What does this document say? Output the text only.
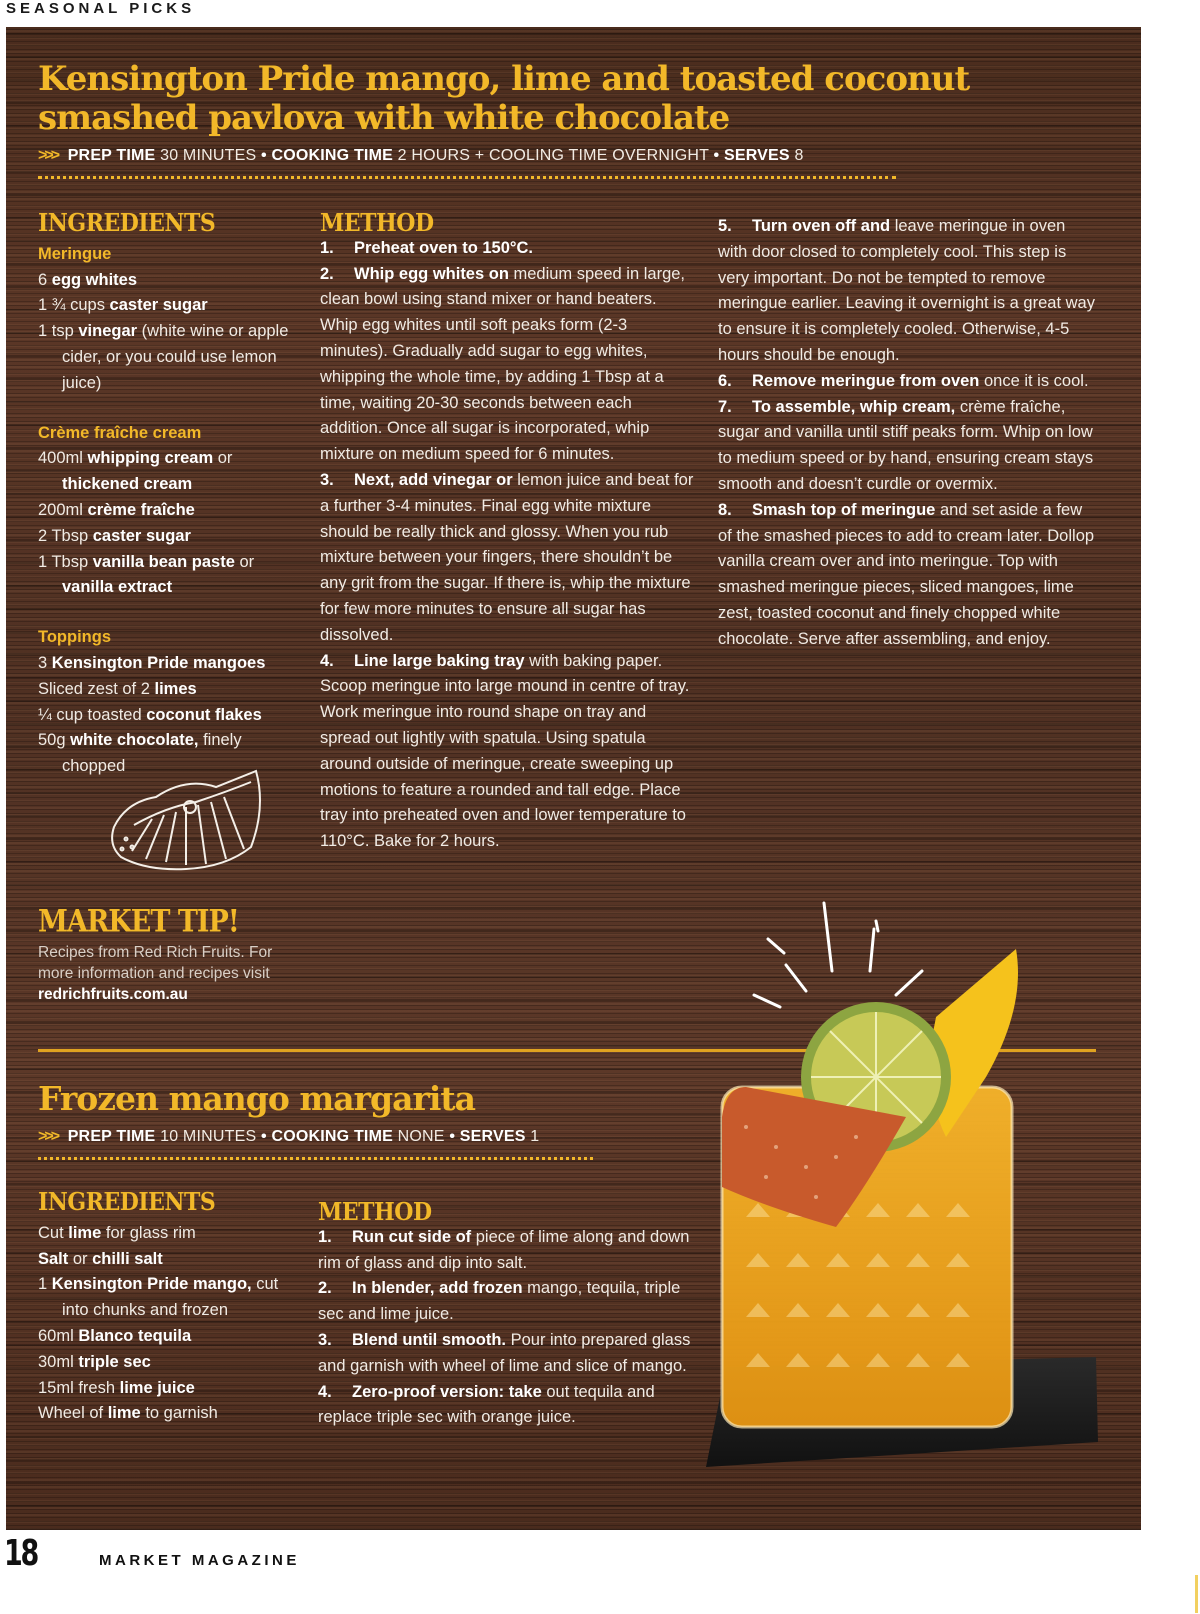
SEASONAL PICKS
Kensington Pride mango, lime and toasted coconut
smashed pavlova with white chocolate
>>> PREP TIME 30 MINUTES • COOKING TIME 2 HOURS + COOLING TIME OVERNIGHT • SERVES 8
INGREDIENTS
Meringue
6 egg whites
1 ¾ cups caster sugar
1 tsp vinegar (white wine or apple cider, or you could use lemon juice)
Crème fraîche cream
400ml whipping cream or thickened cream
200ml crème fraîche
2 Tbsp caster sugar
1 Tbsp vanilla bean paste or vanilla extract
Toppings
3 Kensington Pride mangoes
Sliced zest of 2 limes
¼ cup toasted coconut flakes
50g white chocolate, finely chopped
MARKET TIP!
Recipes from Red Rich Fruits. For more information and recipes visit
redrichfruits.com.au
METHOD
1. Preheat oven to 150°C.
2. Whip egg whites on medium speed in large, clean bowl using stand mixer or hand beaters. Whip egg whites until soft peaks form (2-3 minutes). Gradually add sugar to egg whites, whipping the whole time, by adding 1 Tbsp at a time, waiting 20-30 seconds between each addition. Once all sugar is incorporated, whip mixture on medium speed for 6 minutes.
3. Next, add vinegar or lemon juice and beat for a further 3-4 minutes. Final egg white mixture should be really thick and glossy. When you rub mixture between your fingers, there shouldn’t be any grit from the sugar. If there is, whip the mixture for few more minutes to ensure all sugar has dissolved.
4. Line large baking tray with baking paper. Scoop meringue into large mound in centre of tray. Work meringue into round shape on tray and spread out lightly with spatula. Using spatula around outside of meringue, create sweeping up motions to feature a rounded and tall edge. Place tray into preheated oven and lower temperature to 110°C. Bake for 2 hours.
5. Turn oven off and leave meringue in oven with door closed to completely cool. This step is very important. Do not be tempted to remove meringue earlier. Leaving it overnight is a great way to ensure it is completely cooled. Otherwise, 4-5 hours should be enough.
6. Remove meringue from oven once it is cool.
7. To assemble, whip cream, crème fraîche, sugar and vanilla until stiff peaks form. Whip on low to medium speed or by hand, ensuring cream stays smooth and doesn’t curdle or overmix.
8. Smash top of meringue and set aside a few of the smashed pieces to add to cream later. Dollop vanilla cream over and into meringue. Top with smashed meringue pieces, sliced mangoes, lime zest, toasted coconut and finely chopped white chocolate. Serve after assembling, and enjoy.
Frozen mango margarita
>>> PREP TIME 10 MINUTES • COOKING TIME NONE • SERVES 1
INGREDIENTS
Cut lime for glass rim
Salt or chilli salt
1 Kensington Pride mango, cut into chunks and frozen
60ml Blanco tequila
30ml triple sec
15ml fresh lime juice
Wheel of lime to garnish
METHOD
1. Run cut side of piece of lime along and down rim of glass and dip into salt.
2. In blender, add frozen mango, tequila, triple sec and lime juice.
3. Blend until smooth. Pour into prepared glass and garnish with wheel of lime and slice of mango.
4. Zero-proof version: take out tequila and replace triple sec with orange juice.
18	MARKET MAGAZINE
